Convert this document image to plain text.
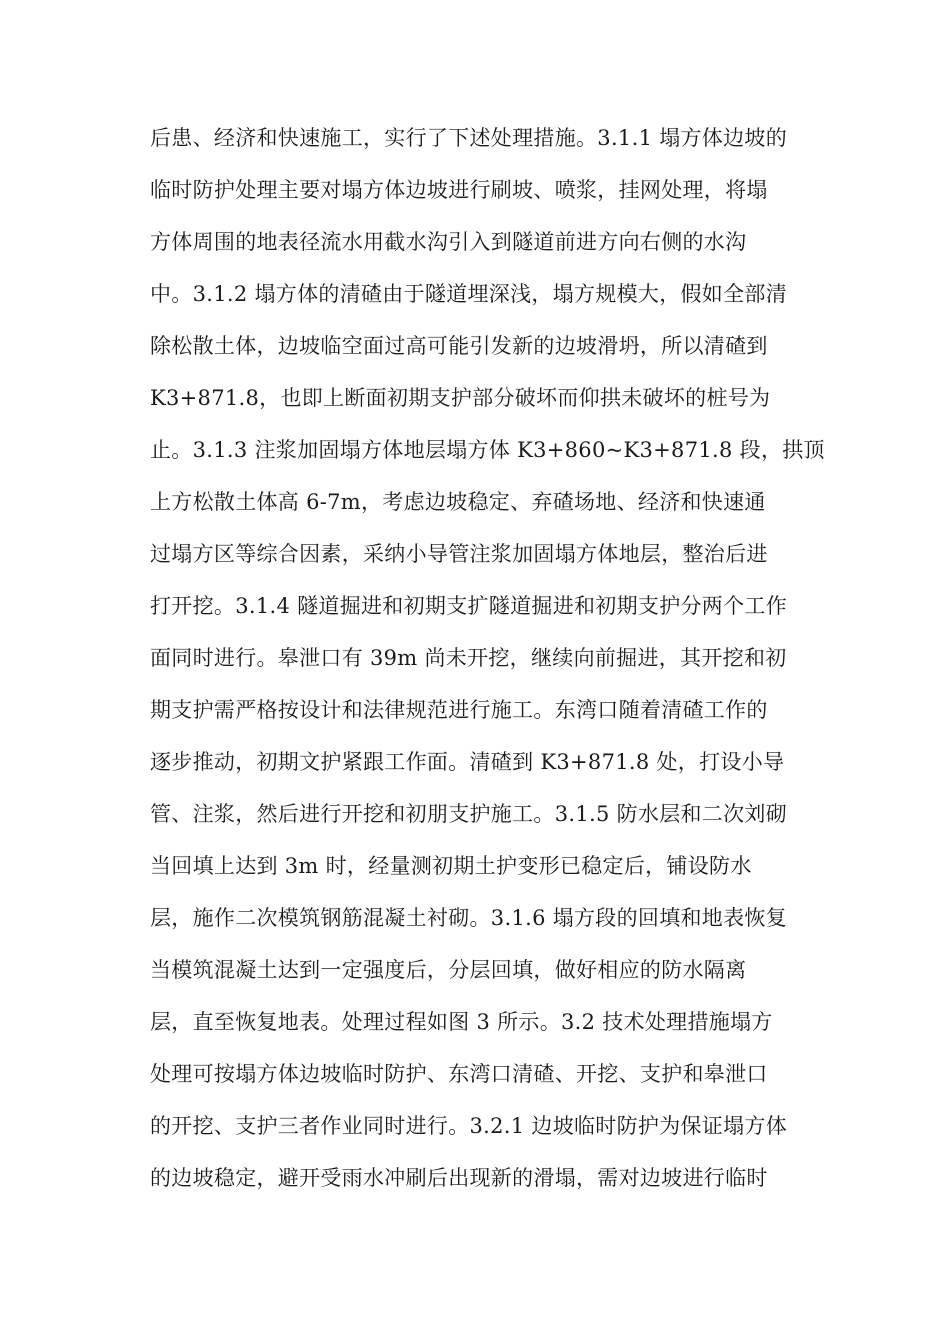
后患、经济和快速施工，实行了下述处理措施。3.1.1 塌方体边坡的
临时防护处理主要对塌方体边坡进行刷坡、喷浆，挂网处理，将塌
方体周围的地表径流水用截水沟引入到隧道前进方向右侧的水沟
中。3.1.2 塌方体的清碴由于隧道埋深浅，塌方规模大，假如全部清
除松散土体，边坡临空面过高可能引发新的边坡滑坍，所以清碴到
K3+871.8，也即上断面初期支护部分破坏而仰拱未破坏的桩号为
止。3.1.3 注浆加固塌方体地层塌方体 K3+860~K3+871.8 段，拱顶
上方松散土体高 6-7m，考虑边坡稳定、弃碴场地、经济和快速通
过塌方区等综合因素，采纳小导管注浆加固塌方体地层，整治后进
打开挖。3.1.4 隧道掘进和初期支扩隧道掘进和初期支护分两个工作
面同时进行。皋泄口有 39m 尚未开挖，继续向前掘进，其开挖和初
期支护需严格按设计和法律规范进行施工。东湾口随着清碴工作的
逐步推动，初期文护紧跟工作面。清碴到 K3+871.8 处，打设小导
管、注浆，然后进行开挖和初朋支护施工。3.1.5 防水层和二次刘砌
当回填上达到 3m 时，经量测初期土护变形已稳定后，铺设防水
层，施作二次模筑钢筋混凝土衬砌。3.1.6 塌方段的回填和地表恢复
当模筑混凝土达到一定强度后，分层回填，做好相应的防水隔离
层，直至恢复地表。处理过程如图 3 所示。3.2 技术处理措施塌方
处理可按塌方体边坡临时防护、东湾口清碴、开挖、支护和皋泄口
的开挖、支护三者作业同时进行。3.2.1 边坡临时防护为保证塌方体
的边坡稳定，避开受雨水冲刷后出现新的滑塌，需对边坡进行临时
